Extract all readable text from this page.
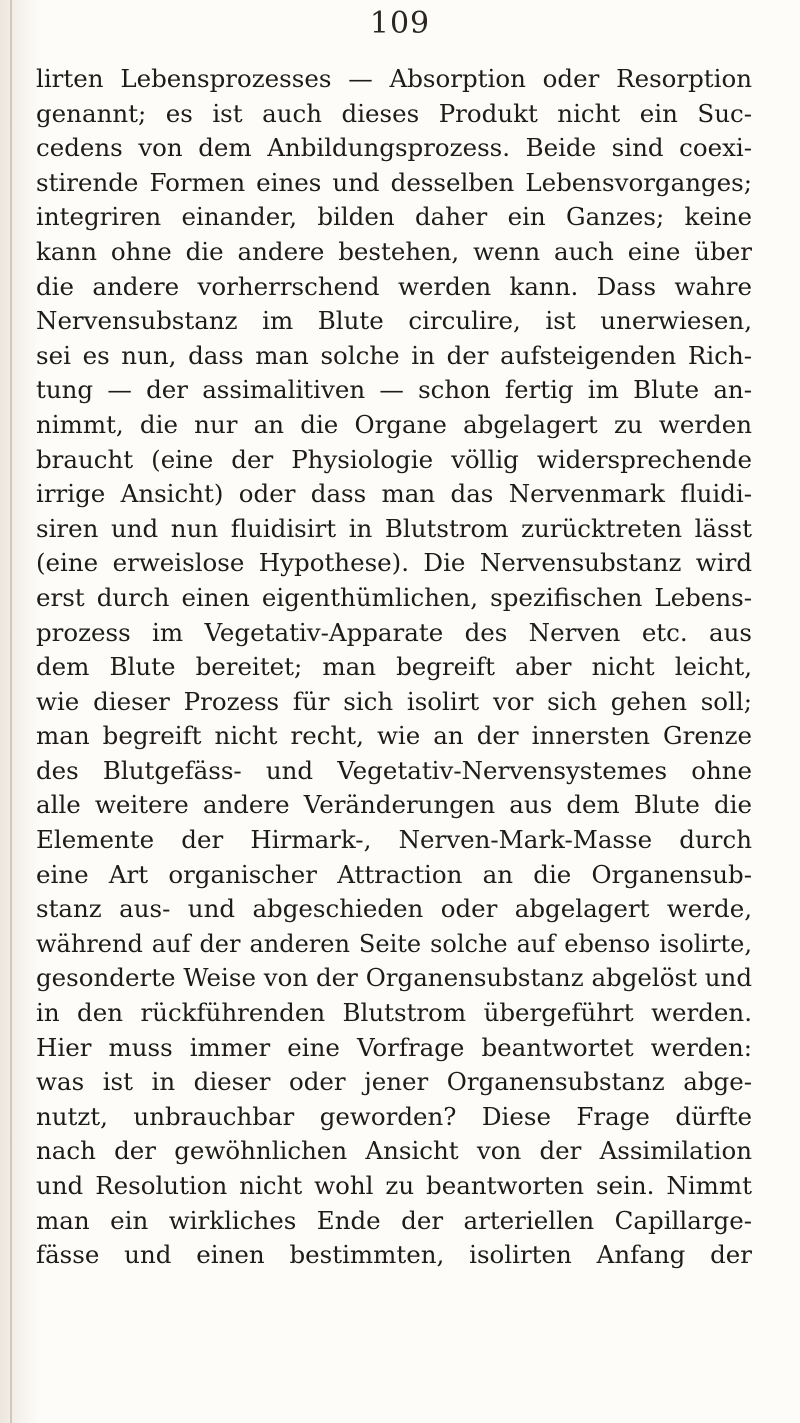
109
lirten Lebensprozesses — Absorption oder Resorption
genannt; es ist auch dieses Produkt nicht ein Suc-
cedens von dem Anbildungsprozess. Beide sind coexi-
stirende Formen eines und desselben Lebensvorganges;
integriren einander, bilden daher ein Ganzes; keine
kann ohne die andere bestehen, wenn auch eine über
die andere vorherrschend werden kann. Dass wahre
Nervensubstanz im Blute circulire, ist unerwiesen,
sei es nun, dass man solche in der aufsteigenden Rich-
tung — der assimalitiven — schon fertig im Blute an-
nimmt, die nur an die Organe abgelagert zu werden
braucht (eine der Physiologie völlig widersprechende
irrige Ansicht) oder dass man das Nervenmark fluidi-
siren und nun fluidisirt in Blutstrom zurücktreten lässt
(eine erweislose Hypothese). Die Nervensubstanz wird
erst durch einen eigenthümlichen, spezifischen Lebens-
prozess im Vegetativ-Apparate des Nerven etc. aus
dem Blute bereitet; man begreift aber nicht leicht,
wie dieser Prozess für sich isolirt vor sich gehen soll;
man begreift nicht recht, wie an der innersten Grenze
des Blutgefäss- und Vegetativ-Nervensystemes ohne
alle weitere andere Veränderungen aus dem Blute die
Elemente der Hirmark-, Nerven-Mark-Masse durch
eine Art organischer Attraction an die Organensub-
stanz aus- und abgeschieden oder abgelagert werde,
während auf der anderen Seite solche auf ebenso isolirte,
gesonderte Weise von der Organensubstanz abgelöst und
in den rückführenden Blutstrom übergeführt werden.
Hier muss immer eine Vorfrage beantwortet werden:
was ist in dieser oder jener Organensubstanz abge-
nutzt, unbrauchbar geworden? Diese Frage dürfte
nach der gewöhnlichen Ansicht von der Assimilation
und Resolution nicht wohl zu beantworten sein. Nimmt
man ein wirkliches Ende der arteriellen Capillarge-
fässe und einen bestimmten, isolirten Anfang der
